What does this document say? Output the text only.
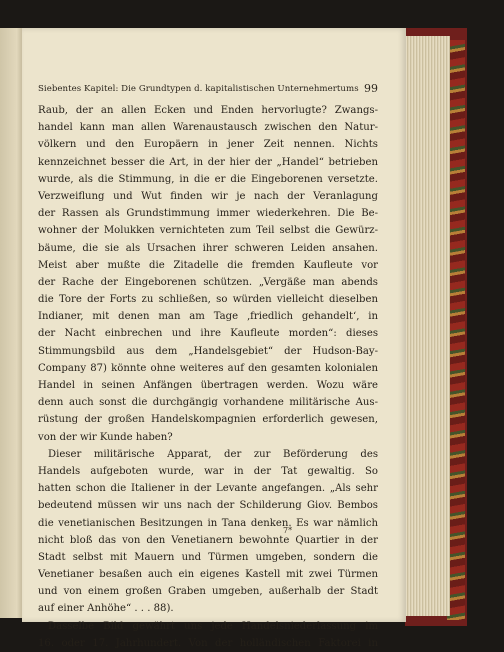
Siebentes Kapitel: Die Grundtypen d. kapitalistischen Unternehmertums 99
Raub, der an allen Ecken und Enden hervorlugte? Zwangs-
handel kann man allen Warenaustausch zwischen den Natur-
völkern und den Europäern in jener Zeit nennen. Nichts
kennzeichnet besser die Art, in der hier der „Handel“ betrieben
wurde, als die Stimmung, in die er die Eingeborenen versetzte.
Verzweiflung und Wut finden wir je nach der Veranlagung
der Rassen als Grundstimmung immer wiederkehren. Die Be-
wohner der Molukken vernichteten zum Teil selbst die Gewürz-
bäume, die sie als Ursachen ihrer schweren Leiden ansahen.
Meist aber mußte die Zitadelle die fremden Kaufleute vor
der Rache der Eingeborenen schützen. „Vergäße man abends
die Tore der Forts zu schließen, so würden vielleicht dieselben
Indianer, mit denen man am Tage ‚friedlich gehandelt‘, in
der Nacht einbrechen und ihre Kaufleute morden“: dieses
Stimmungsbild aus dem „Handelsgebiet“ der Hudson-Bay-
Company 87) könnte ohne weiteres auf den gesamten kolonialen
Handel in seinen Anfängen übertragen werden. Wozu wäre
denn auch sonst die durchgängig vorhandene militärische Aus-
rüstung der großen Handelskompagnien erforderlich gewesen,
von der wir Kunde haben?
Dieser militärische Apparat, der zur Beförderung des
Handels aufgeboten wurde, war in der Tat gewaltig. So
hatten schon die Italiener in der Levante angefangen. „Als sehr
bedeutend müssen wir uns nach der Schilderung Giov. Bembos
die venetianischen Besitzungen in Tana denken. Es war nämlich
nicht bloß das von den Venetianern bewohnte Quartier in der
Stadt selbst mit Mauern und Türmen umgeben, sondern die
Venetianer besaßen auch ein eigenes Kastell mit zwei Türmen
und von einem großen Graben umgeben, außerhalb der Stadt
auf einer Anhöhe“ . . . 88).
Dasselbe Bild gewährt uns jede Handelsniederlassung im
16. oder 17. Jahrhundert. Von der holländischen Faktorei in
7*
